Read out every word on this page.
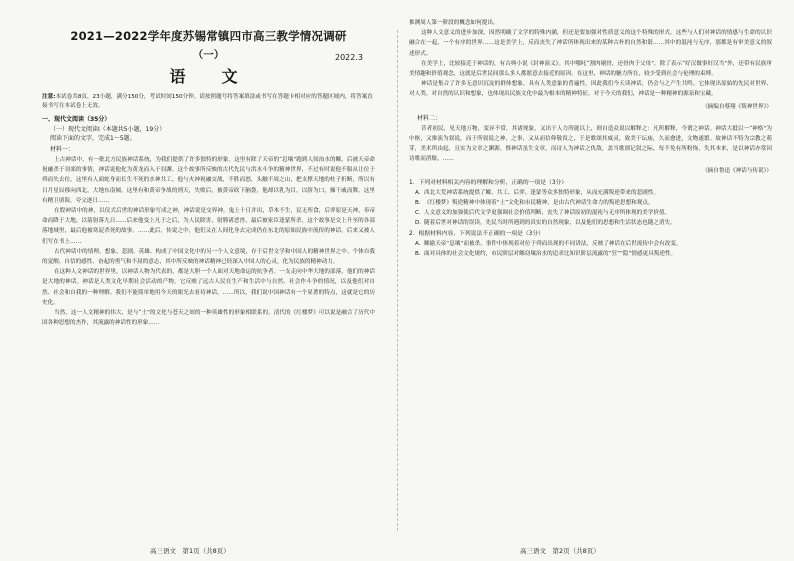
2021—2022学年度苏锡常镇四市高三教学情况调研
（一）	2022.3
语　文

注意:本试卷共8页，23小题，满分150分，考试时间150分钟。请按照题号将答案填涂或书写在答题卡相对应的答题区域内，将答案直接书写在本试卷上无效。

一、现代文阅读（35分）

（一）现代文阅读Ⅰ（本题共5小题，19分）

阅读下面的文字，完成1～5题。

材料一：

上古神话中，有一批北方民族神话系统，为我们提供了许多独特的形象。这里有除了天帝的“息壤”跑到人间治水的鲧，后被天帝命祝融杀于羽郊的事情，神话说他化为黄龙而入于羽渊。这个故事所反映的古代先民与洪水斗争的精神世界，不过有时说他不服从让位于舜而失去位。这里有人面蛇身而长生不死的水神共工，他与火神祝融交战，不胜而怒，头触不周之山，把支撑天地的柱子折断，所以有日月星辰移向西北，大地东南倾，这里有和黄帝争战的刑天，失败后，被黄帝砍下脑袋，他却以乳为目，以脐为口，操干戚而舞。这里有精卫填海，夸父逐日……

在殷神话中的神，以仪式后世的神话形象写成之神，神话说是交界神。鬼上十日并出，草木不生，民无所食，后羿原是天神，奉帝命而降于大地，以箭射落九日……后来他变上凡于之后，为人民除害，射塍诸恶兽，最后被家臣逢蒙所杀。这个故事是交上升至的各部落地域里，最后他被寒浞杀死的故事。……此后，传说之中，他们又在人间化身去完成仍在东北的原始民族中流传的神话，后来又被人们写在书上……

古代神话中的情理、想象、悲剧、英雄、构成了中国文化中的另一个人文意境，存于后世文学和中国人的精神世界之中。个体自我的觉醒、自信的感性、奋起的勇气和不屈的意志，其中所反映的神话精神已经深入中国人的心灵，化为民族的精神动力。

在这种人文神话的世界里，以神话人物为代表的，都是大胆一个人面对天地命运的抗争者。一支走向中华大地的部落，他们的神话是大地的神话。神话是人类文化早期社会活动的产物。它反映了远古人民在生产和生活中与自然、社会作斗争的情况，以及他们对自然、社会和自我的一种理解。我们不能简单地用今天的眼光去看待神话。……所以，我们说中国神话有一个显著的特点，这就是它的历史化。

当然，这一人文精神的伟大，是与“土”的文化与苍天之间的一种英雄性的形象相联系的。清代的《红楼梦》可以说是融合了历代中国各种思想的杰作，其流露的神话性的形象……

推测周人第一阶段的概念如何提出。

这种人文意义的进步加深，因然明确了文学的特殊内涵，但还是要加强对性质意义的这个特殊的形式。这些与人们对神话的情感与生命的认识融合在一起，一个有序的世界……这是美学上，反而丧失了神话所体现出来的某种古朴的自然和谐……其中的混沌与无序，那都是有审美意义的叙述形式。

在美学上，比较接近于神话的，有古典小说《封神演义》。其中哪吒“割肉剔骨，还骨肉于父母”，除了表示“好汉做事好汉当”外，还带有民族审美情趣和价值观念，这就是后世民间那么多人都愿意去接近的原因。在这里，神话的魅力所在，较少受到社会与伦理的束缚。

神话是集合了许多无意识沉淀的群体想象。具有人类意象的普遍性。因此我们今天读神话，仍会与之产生共鸣。它体现出原始的先民对世界、对人类、对自然的认识和想象，也体现出民族文化中最为根本的精神特征。对于今天的我们，神话是一种精神的源泉和宝藏。

（摘编自蔡翔《叛神世界》）

材料二：

昔者初民，见天地万物，变异不常，其诸现象，又出于人力所能以上，则自造众说以解释之：凡所解释，今谓之神话。神话大抵以一“神格”为中枢，又推演为叙说，而于所叙说之神，之事，又从而信仰敬畏之，于是歌颂其威灵，致美于坛庙，久而愈进，文物遂繁。故神话不特为宗教之萌芽，美术所由起，且实为文章之渊源。惟神话虽生文章，而诗人为神话之仇敌，盖当歌颂记叙之际，每不免有所粉饰，失其本来，是以神话亦常因诗歌而消歇。……

（摘自鲁迅《神话与传说》）

1．下列对材料相关内容的理解和分析，正确的一项是（3分）

A．西北大荒神话系统提供了鲧、共工、后羿、逢蒙等众多独特形象，从而充满叛逆带来的悲剧性。

B．《红楼梦》叛逆精神中体现着“土”文化和市民精神，是由古代神话生命力的叛逆思想和观点。

C．人文意义的加强使后代文学更强调社会价值判断，丧失了神话原初的混沌与无序所体现的美学价值。

D．随着后世对神话的误读，先民当时所遇到的真实的自然现象，以及他们的思想和生活状态也随之消失。

2．根据材料内容，下列说法不正确的一项是（3分）

A．鲧偷天帝“息壤”而被杀，事件中体现着对位于舜而出现的不同讲法，反映了神话在后世流传中会有改变。

B．面对具体的社会文化规约，市民阶层对鲧窃壤治水的追求比知识阶层流露的“狂”“隐”情感更具叛逆性。

高三语文　第1页（共8页）	高三语文　第2页（共8页）
